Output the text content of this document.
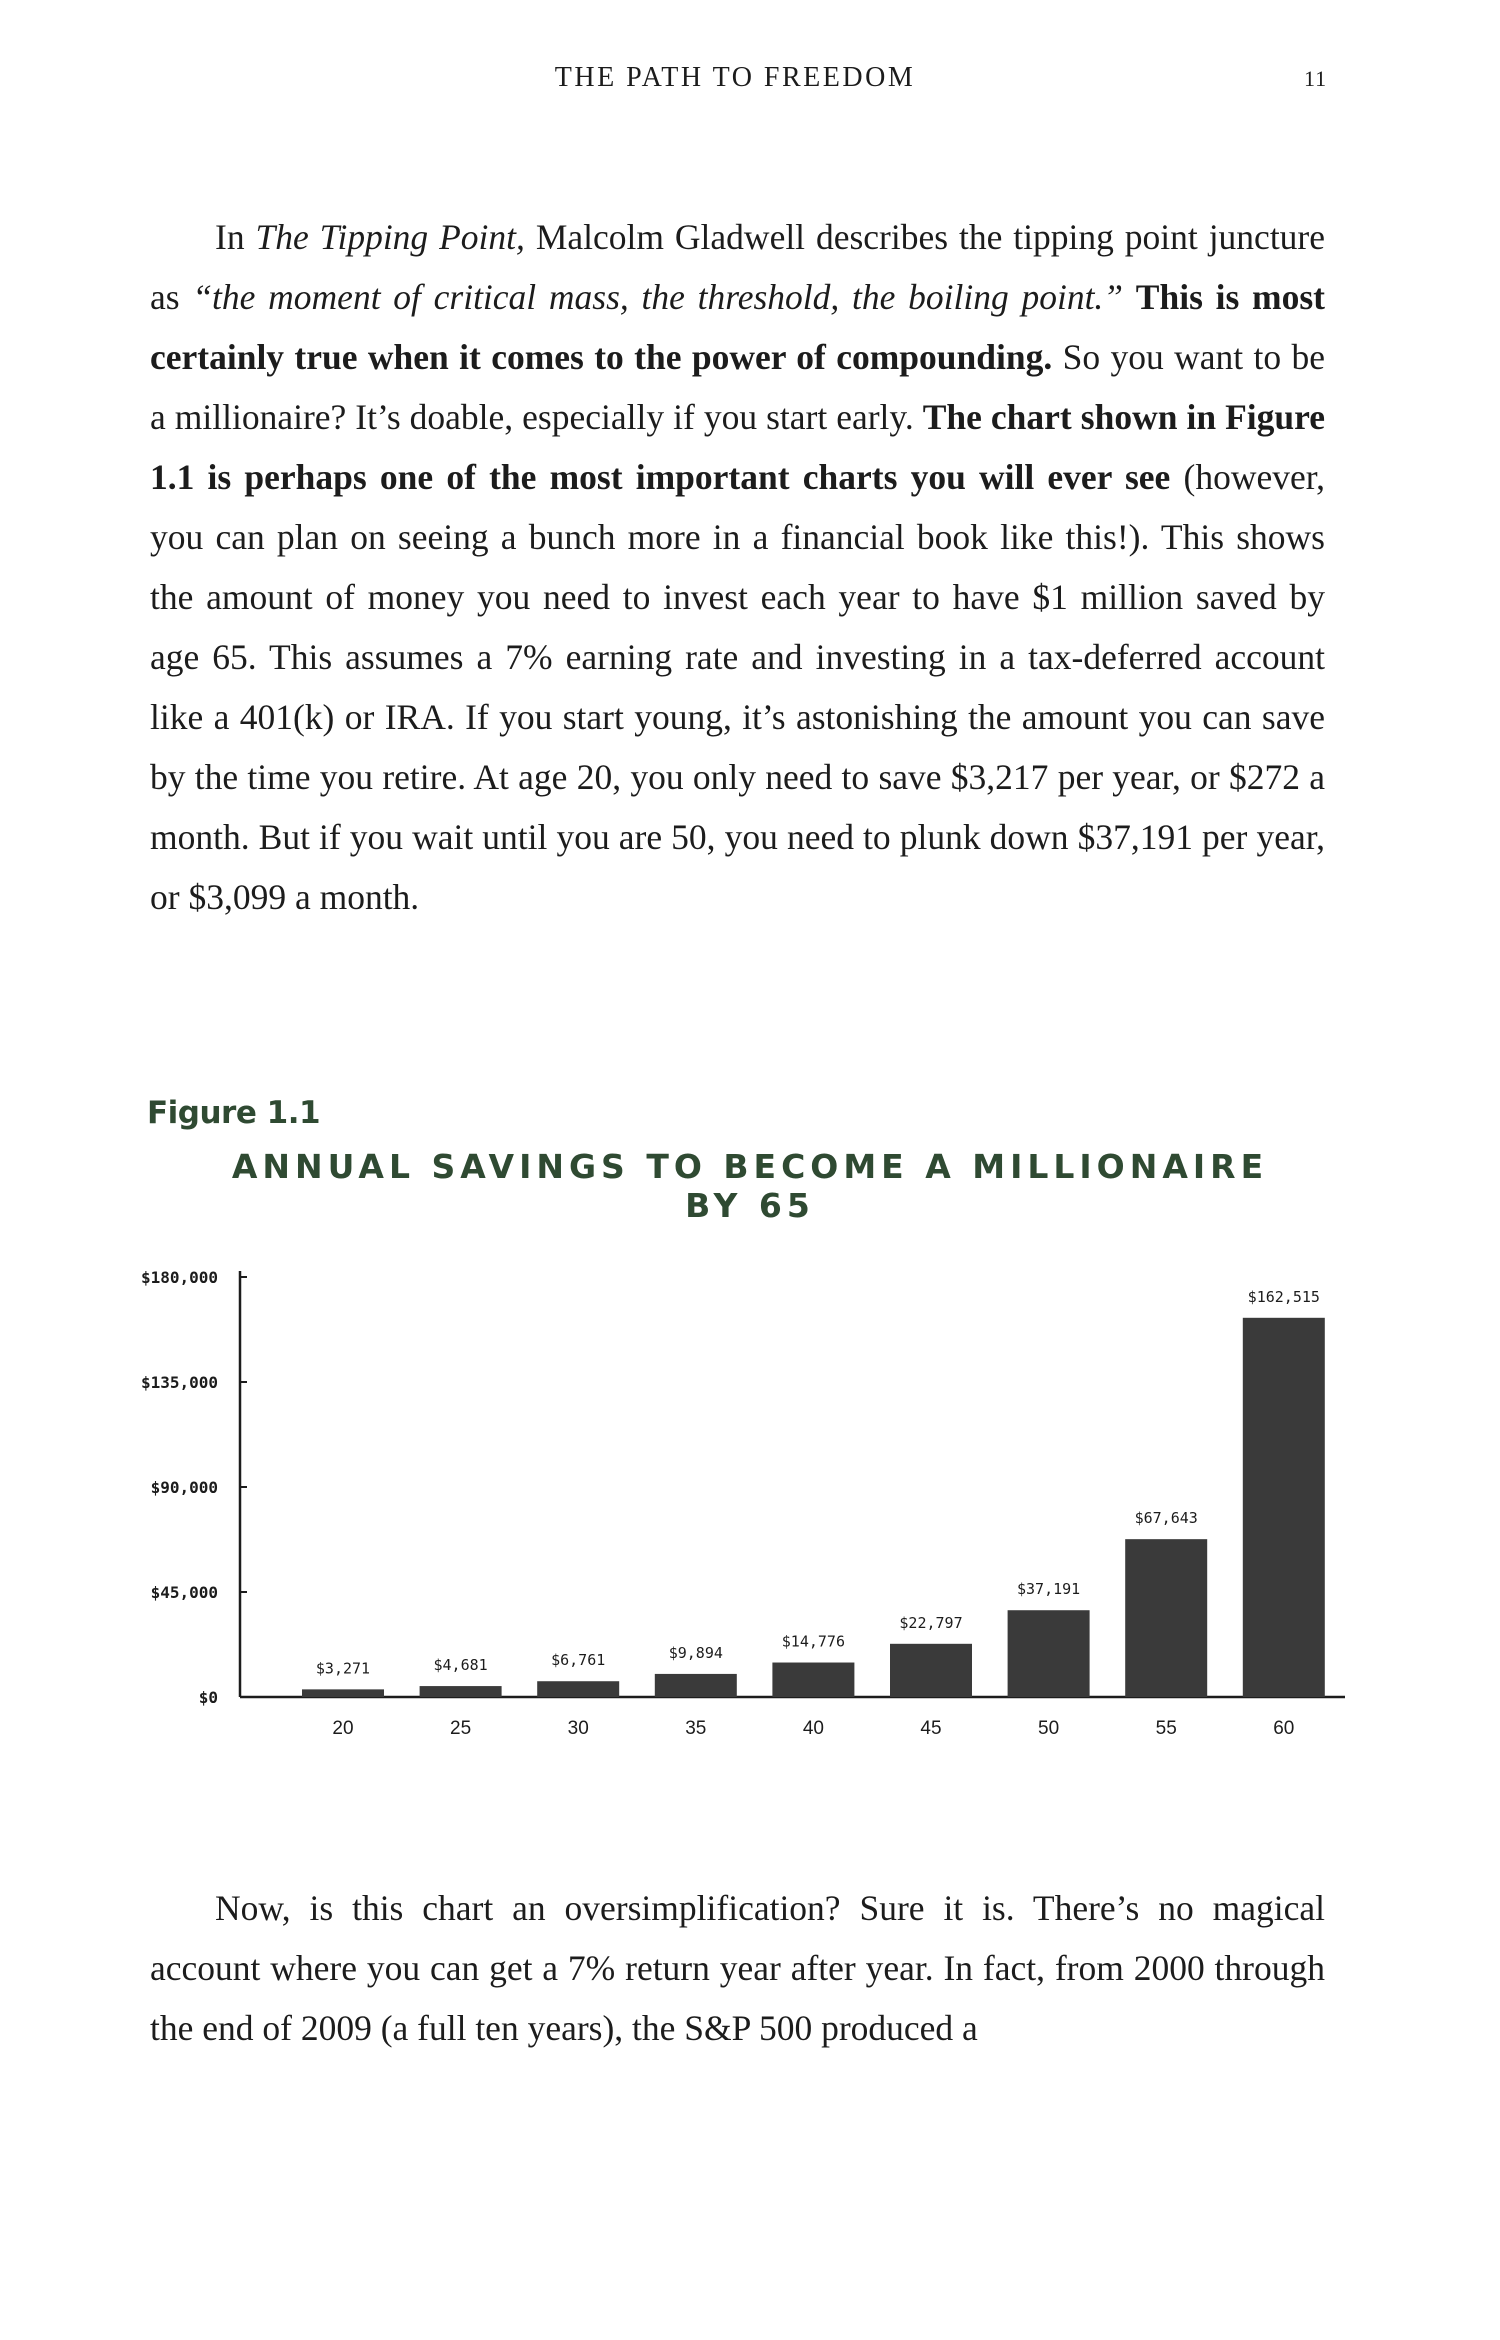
THE PATH TO FREEDOM	11

In The Tipping Point, Malcolm Gladwell describes the tipping point juncture as “the moment of critical mass, the threshold, the boiling point.” This is most certainly true when it comes to the power of compounding. So you want to be a millionaire? It’s doable, especially if you start early. The chart shown in Figure 1.1 is perhaps one of the most important charts you will ever see (however, you can plan on seeing a bunch more in a financial book like this!). This shows the amount of money you need to invest each year to have $1 million saved by age 65. This assumes a 7% earning rate and investing in a tax-deferred account like a 401(k) or IRA. If you start young, it’s astonishing the amount you can save by the time you retire. At age 20, you only need to save $3,217 per year, or $272 a month. But if you wait until you are 50, you need to plunk down $37,191 per year, or $3,099 a month.

Figure 1.1
ANNUAL SAVINGS TO BECOME A MILLIONAIRE BY 65
$0
$45,000
$90,000
$135,000
$180,000
$3,271
20
$4,681
25
$6,761
30
$9,894
35
$14,776
40
$22,797
45
$37,191
50
$67,643
55
$162,515
60

Now, is this chart an oversimplification? Sure it is. There’s no magical account where you can get a 7% return year after year. In fact, from 2000 through the end of 2009 (a full ten years), the S&P 500 produced a
